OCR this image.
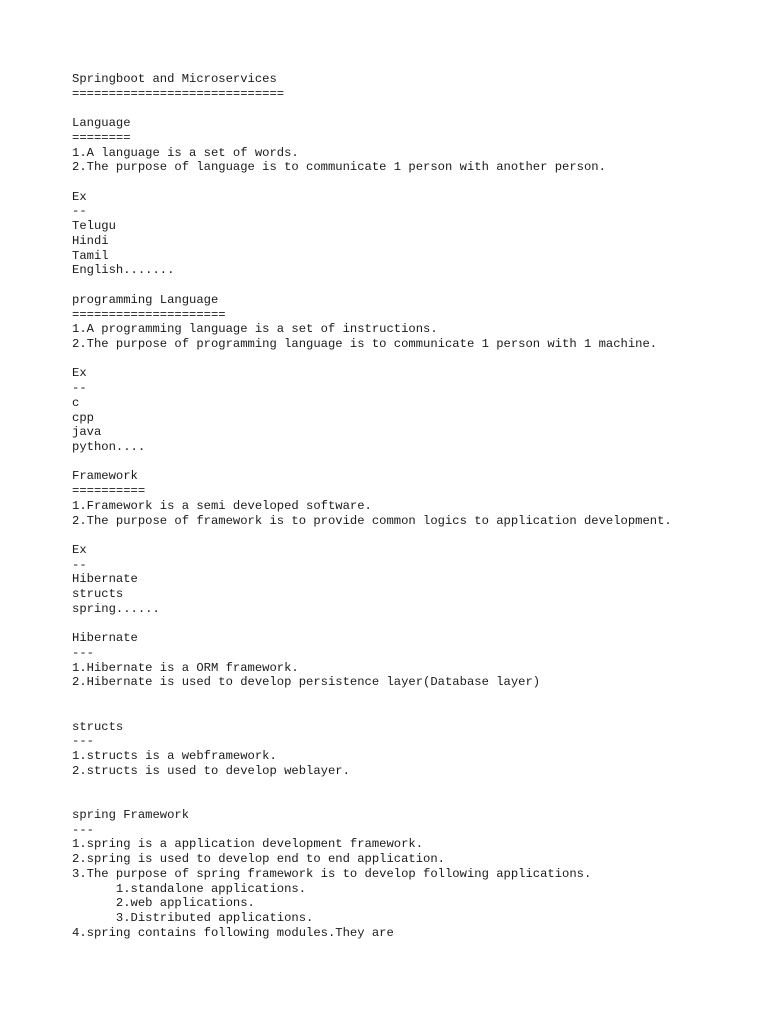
Springboot and Microservices
=============================
Language
========
1.A language is a set of words.
2.The purpose of language is to communicate 1 person with another person.
Ex
--
Telugu
Hindi
Tamil
English.......
programming Language
=====================
1.A programming language is a set of instructions.
2.The purpose of programming language is to communicate 1 person with 1 machine.
Ex
--
c
cpp
java
python....
Framework
==========
1.Framework is a semi developed software.
2.The purpose of framework is to provide common logics to application development.
Ex
--
Hibernate
structs
spring......
Hibernate
---
1.Hibernate is a ORM framework.
2.Hibernate is used to develop persistence layer(Database layer)
structs
---
1.structs is a webframework.
2.structs is used to develop weblayer.
spring Framework
---
1.spring is a application development framework.
2.spring is used to develop end to end application.
3.The purpose of spring framework is to develop following applications.
1.standalone applications.
2.web applications.
3.Distributed applications.
4.spring contains following modules.They are
